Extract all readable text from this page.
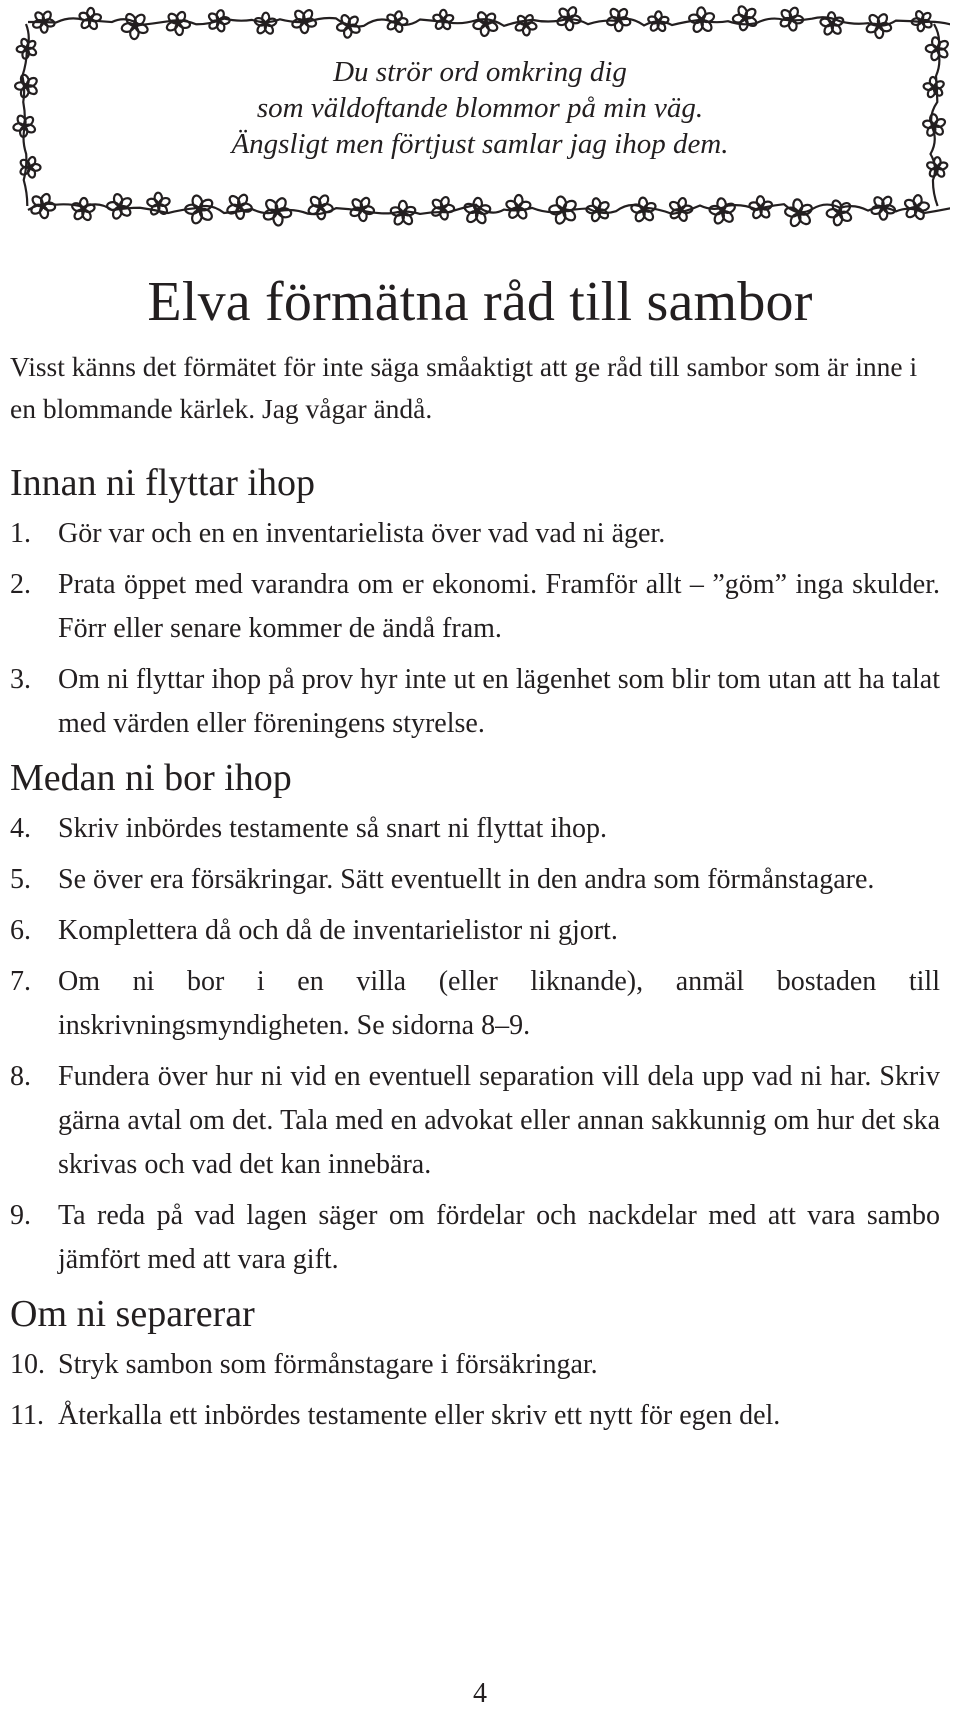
Du strör ord omkring dig
som väldoftande blommor på min väg.
Ängsligt men förtjust samlar jag ihop dem.
Elva förmätna råd till sambor

Visst känns det förmätet för inte säga småaktigt att ge råd till sambor som är inne i en blommande kärlek. Jag vågar ändå.

Innan ni flyttar ihop
1. Gör var och en en inventarielista över vad vad ni äger.
2. Prata öppet med varandra om er ekonomi. Framför allt – ”göm” inga skulder. Förr eller senare kommer de ändå fram.
3. Om ni flyttar ihop på prov hyr inte ut en lägenhet som blir tom utan att ha talat med värden eller föreningens styrelse.
Medan ni bor ihop
4. Skriv inbördes testamente så snart ni flyttat ihop.
5. Se över era försäkringar. Sätt eventuellt in den andra som förmånstagare.
6. Komplettera då och då de inventarielistor ni gjort.
7. Om ni bor i en villa (eller liknande), anmäl bostaden till inskrivningsmyndigheten. Se sidorna 8–9.
8. Fundera över hur ni vid en eventuell separation vill dela upp vad ni har. Skriv gärna avtal om det. Tala med en advokat eller annan sakkunnig om hur det ska skrivas och vad det kan innebära.
9. Ta reda på vad lagen säger om fördelar och nackdelar med att vara sambo jämfört med att vara gift.
Om ni separerar
10. Stryk sambon som förmånstagare i försäkringar.
11. Återkalla ett inbördes testamente eller skriv ett nytt för egen del.
4
